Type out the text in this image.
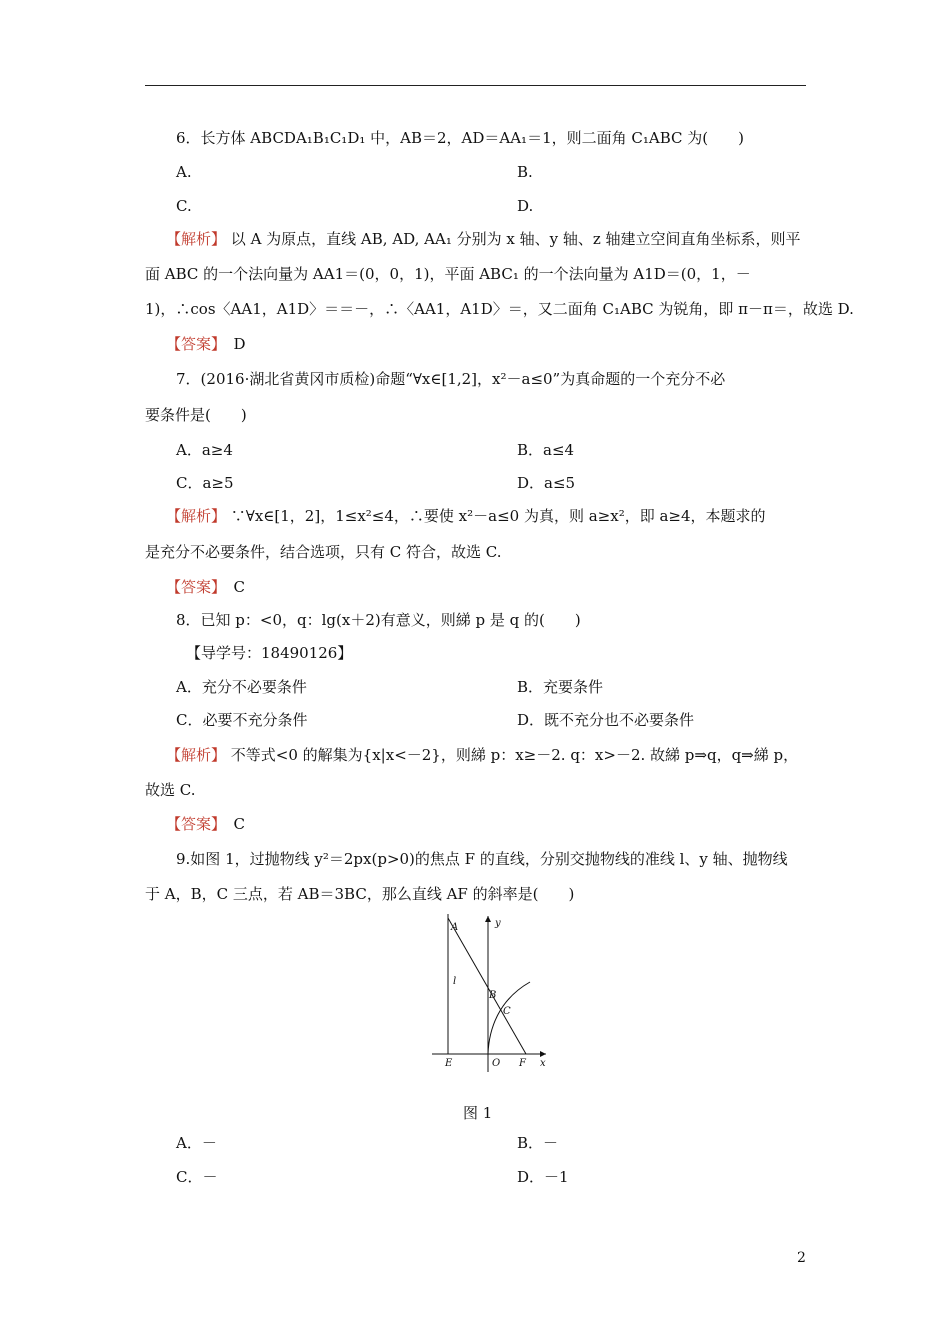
6．长方体 ABCDA₁B₁C₁D₁ 中，AB＝2，AD＝AA₁＝1，则二面角 C₁ABC 为(　　)
A.	B.
C.	D.
【解析】 以 A 为原点，直线 AB, AD, AA₁ 分别为 x 轴、y 轴、z 轴建立空间直角坐标系，则平
面 ABC 的一个法向量为 AA1＝(0，0，1)，平面 ABC₁ 的一个法向量为 A1D＝(0，1，－
1)，∴cos〈AA1，A1D〉＝＝－，∴〈AA1，A1D〉＝，又二面角 C₁ABC 为锐角，即 π－π＝，故选 D.
【答案】　 D
7．(2016·湖北省黄冈市质检)命题“∀x∈[1,2]，x²－a≤0”为真命题的一个充分不必
要条件是(　　)
A．a≥4	B．a≤4
C．a≥5	D．a≤5
【解析】 ∵∀x∈[1，2]，1≤x²≤4，∴要使 x²－a≤0 为真，则 a≥x²，即 a≥4，本题求的
是充分不必要条件，结合选项，只有 C 符合，故选 C.
【答案】　 C
8．已知 p：<0，q：lg(x＋2)有意义，则綈 p 是 q 的(　　)
【导学号：18490126】
A．充分不必要条件	B．充要条件
C．必要不充分条件	D．既不充分也不必要条件
【解析】 不等式<0 的解集为{x|x<－2}，则綈 p：x≥－2. q：x>－2. 故綈 p⇒q，q⇒綈 p，
故选 C.
【答案】　 C
9.如图 1，过抛物线 y²＝2px(p>0)的焦点 F 的直线，分别交抛物线的准线 l、y 轴、抛物线
于 A，B，C 三点，若 AB＝3BC，那么直线 AF 的斜率是(　　)
A
l
y
B
C
E	O F x
图 1
A．－	B．－
C．－	D．－1
2
